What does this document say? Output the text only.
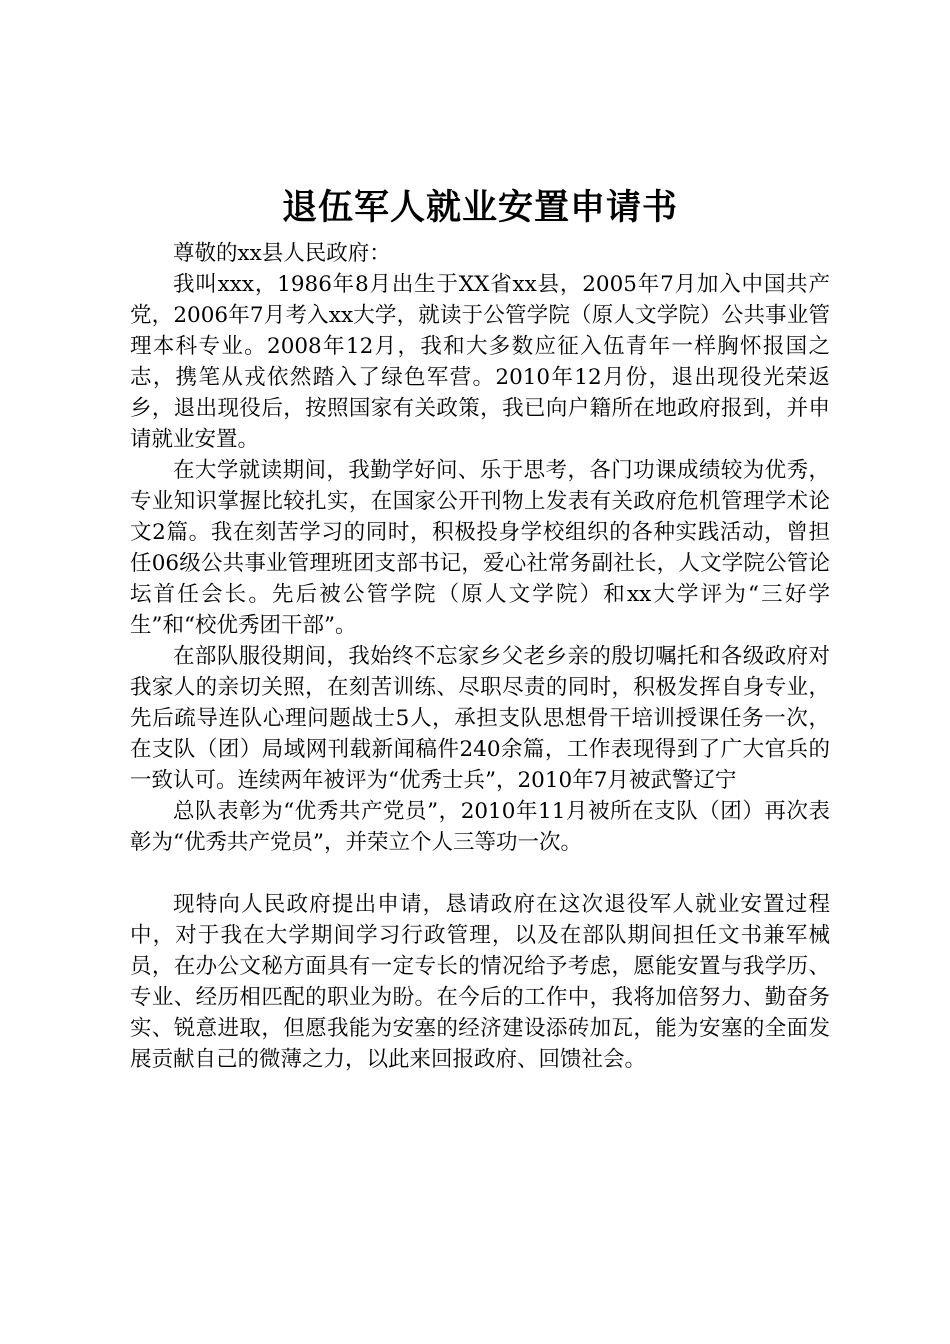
退伍军人就业安置申请书

尊敬的xx县人民政府：

我叫xxx，1986年8月出生于XX省xx县，2005年7月加入中国共产党，2006年7月考入xx大学，就读于公管学院（原人文学院）公共事业管理本科专业。2008年12月，我和大多数应征入伍青年一样胸怀报国之志，携笔从戎依然踏入了绿色军营。2010年12月份，退出现役光荣返乡，退出现役后，按照国家有关政策，我已向户籍所在地政府报到，并申请就业安置。

在大学就读期间，我勤学好问、乐于思考，各门功课成绩较为优秀，专业知识掌握比较扎实，在国家公开刊物上发表有关政府危机管理学术论文2篇。我在刻苦学习的同时，积极投身学校组织的各种实践活动，曾担任06级公共事业管理班团支部书记，爱心社常务副社长，人文学院公管论坛首任会长。先后被公管学院（原人文学院）和xx大学评为“三好学生”和“校优秀团干部”。

在部队服役期间，我始终不忘家乡父老乡亲的殷切嘱托和各级政府对我家人的亲切关照，在刻苦训练、尽职尽责的同时，积极发挥自身专业，先后疏导连队心理问题战士5人，承担支队思想骨干培训授课任务一次，在支队（团）局域网刊载新闻稿件240余篇，工作表现得到了广大官兵的一致认可。连续两年被评为“优秀士兵”，2010年7月被武警辽宁

总队表彰为“优秀共产党员”，2010年11月被所在支队（团）再次表彰为“优秀共产党员”，并荣立个人三等功一次。

现特向人民政府提出申请，恳请政府在这次退役军人就业安置过程中，对于我在大学期间学习行政管理，以及在部队期间担任文书兼军械员，在办公文秘方面具有一定专长的情况给予考虑，愿能安置与我学历、专业、经历相匹配的职业为盼。在今后的工作中，我将加倍努力、勤奋务实、锐意进取，但愿我能为安塞的经济建设添砖加瓦，能为安塞的全面发展贡献自己的微薄之力，以此来回报政府、回馈社会。
